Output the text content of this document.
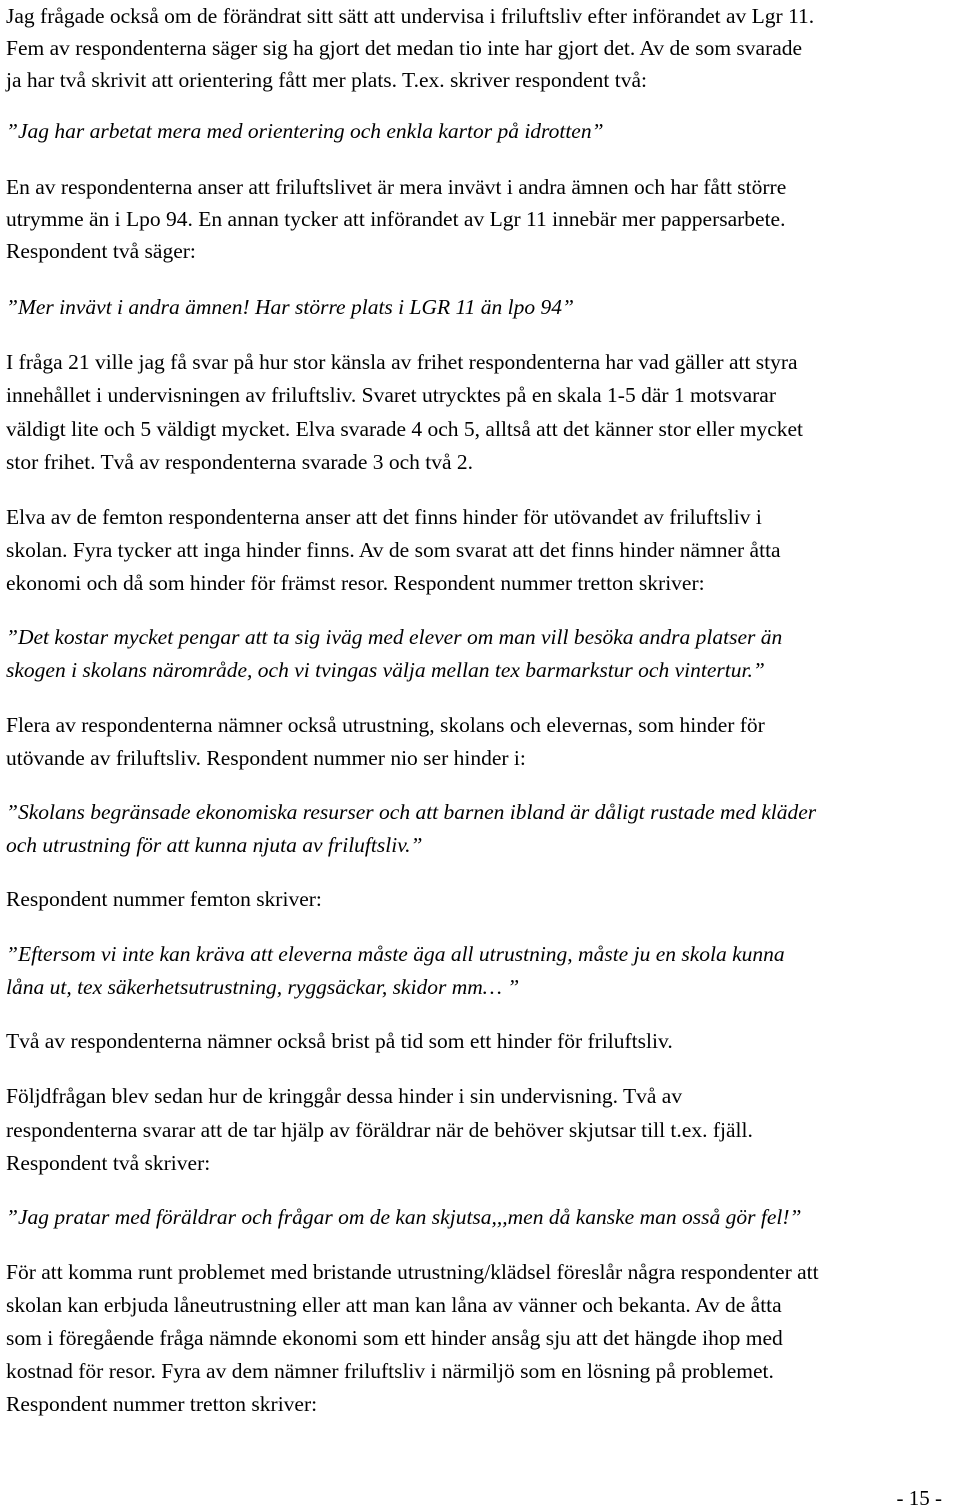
Jag frågade också om de förändrat sitt sätt att undervisa i friluftsliv efter införandet av Lgr 11.
Fem av respondenterna säger sig ha gjort det medan tio inte har gjort det. Av de som svarade
ja har två skrivit att orientering fått mer plats. T.ex. skriver respondent två:
”Jag har arbetat mera med orientering och enkla kartor på idrotten”
En av respondenterna anser att friluftslivet är mera invävt i andra ämnen och har fått större
utrymme än i Lpo 94. En annan tycker att införandet av Lgr 11 innebär mer pappersarbete.
Respondent två säger:
”Mer invävt i andra ämnen! Har större plats i LGR 11 än lpo 94”
I fråga 21 ville jag få svar på hur stor känsla av frihet respondenterna har vad gäller att styra
innehållet i undervisningen av friluftsliv. Svaret utrycktes på en skala 1-5 där 1 motsvarar
väldigt lite och 5 väldigt mycket. Elva svarade 4 och 5, alltså att det känner stor eller mycket
stor frihet. Två av respondenterna svarade 3 och två 2.
Elva av de femton respondenterna anser att det finns hinder för utövandet av friluftsliv i
skolan. Fyra tycker att inga hinder finns. Av de som svarat att det finns hinder nämner åtta
ekonomi och då som hinder för främst resor. Respondent nummer tretton skriver:
”Det kostar mycket pengar att ta sig iväg med elever om man vill besöka andra platser än
skogen i skolans närområde, och vi tvingas välja mellan tex barmarkstur och vintertur.”
Flera av respondenterna nämner också utrustning, skolans och elevernas, som hinder för
utövande av friluftsliv. Respondent nummer nio ser hinder i:
”Skolans begränsade ekonomiska resurser och att barnen ibland är dåligt rustade med kläder
och utrustning för att kunna njuta av friluftsliv.”
Respondent nummer femton skriver:
”Eftersom vi inte kan kräva att eleverna måste äga all utrustning, måste ju en skola kunna
låna ut, tex säkerhetsutrustning, ryggsäckar, skidor mm… ”
Två av respondenterna nämner också brist på tid som ett hinder för friluftsliv.
Följdfrågan blev sedan hur de kringgår dessa hinder i sin undervisning. Två av
respondenterna svarar att de tar hjälp av föräldrar när de behöver skjutsar till t.ex. fjäll.
Respondent två skriver:
”Jag pratar med föräldrar och frågar om de kan skjutsa,,,men då kanske man osså gör fel!”
För att komma runt problemet med bristande utrustning/klädsel föreslår några respondenter att
skolan kan erbjuda låneutrustning eller att man kan låna av vänner och bekanta. Av de åtta
som i föregående fråga nämnde ekonomi som ett hinder ansåg sju att det hängde ihop med
kostnad för resor. Fyra av dem nämner friluftsliv i närmiljö som en lösning på problemet.
Respondent nummer tretton skriver:
- 15 -
